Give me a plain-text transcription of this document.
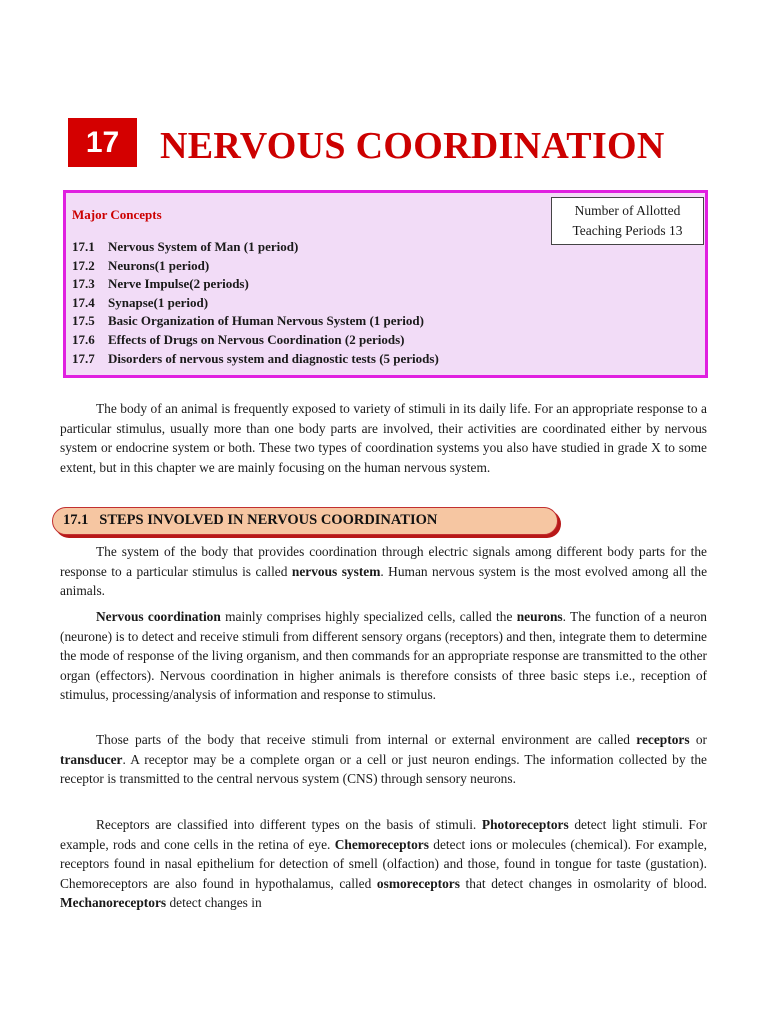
17	NERVOUS COORDINATION
Major Concepts	Number of Allotted
Teaching Periods 13
17.1 Nervous System of Man (1 period)
17.2 Neurons(1 period)
17.3 Nerve Impulse(2 periods)
17.4 Synapse(1 period)
17.5 Basic Organization of Human Nervous System (1 period)
17.6 Effects of Drugs on Nervous Coordination (2 periods)
17.7 Disorders of nervous system and diagnostic tests (5 periods)

The body of an animal is frequently exposed to variety of stimuli in its daily life. For an appropriate response to a particular stimulus, usually more than one body parts are involved, their activities are coordinated either by nervous system or endocrine system or both. These two types of coordination systems you also have studied in grade X to some extent, but in this chapter we are mainly focusing on the human nervous system.

17.1 STEPS INVOLVED IN NERVOUS COORDINATION

The system of the body that provides coordination through electric signals among different body parts for the response to a particular stimulus is called nervous system. Human nervous system is the most evolved among all the animals.

Nervous coordination mainly comprises highly specialized cells, called the neurons. The function of a neuron (neurone) is to detect and receive stimuli from different sensory organs (receptors) and then, integrate them to determine the mode of response of the living organism, and then commands for an appropriate response are transmitted to the other organ (effectors). Nervous coordination in higher animals is therefore consists of three basic steps i.e., reception of stimulus, processing/analysis of information and response to stimulus.

Those parts of the body that receive stimuli from internal or external environment are called receptors or transducer. A receptor may be a complete organ or a cell or just neuron endings. The information collected by the receptor is transmitted to the central nervous system (CNS) through sensory neurons.

Receptors are classified into different types on the basis of stimuli. Photoreceptors detect light stimuli. For example, rods and cone cells in the retina of eye. Chemoreceptors detect ions or molecules (chemical). For example, receptors found in nasal epithelium for detection of smell (olfaction) and those, found in tongue for taste (gustation). Chemoreceptors are also found in hypothalamus, called osmoreceptors that detect changes in osmolarity of blood. Mechanoreceptors detect changes in
